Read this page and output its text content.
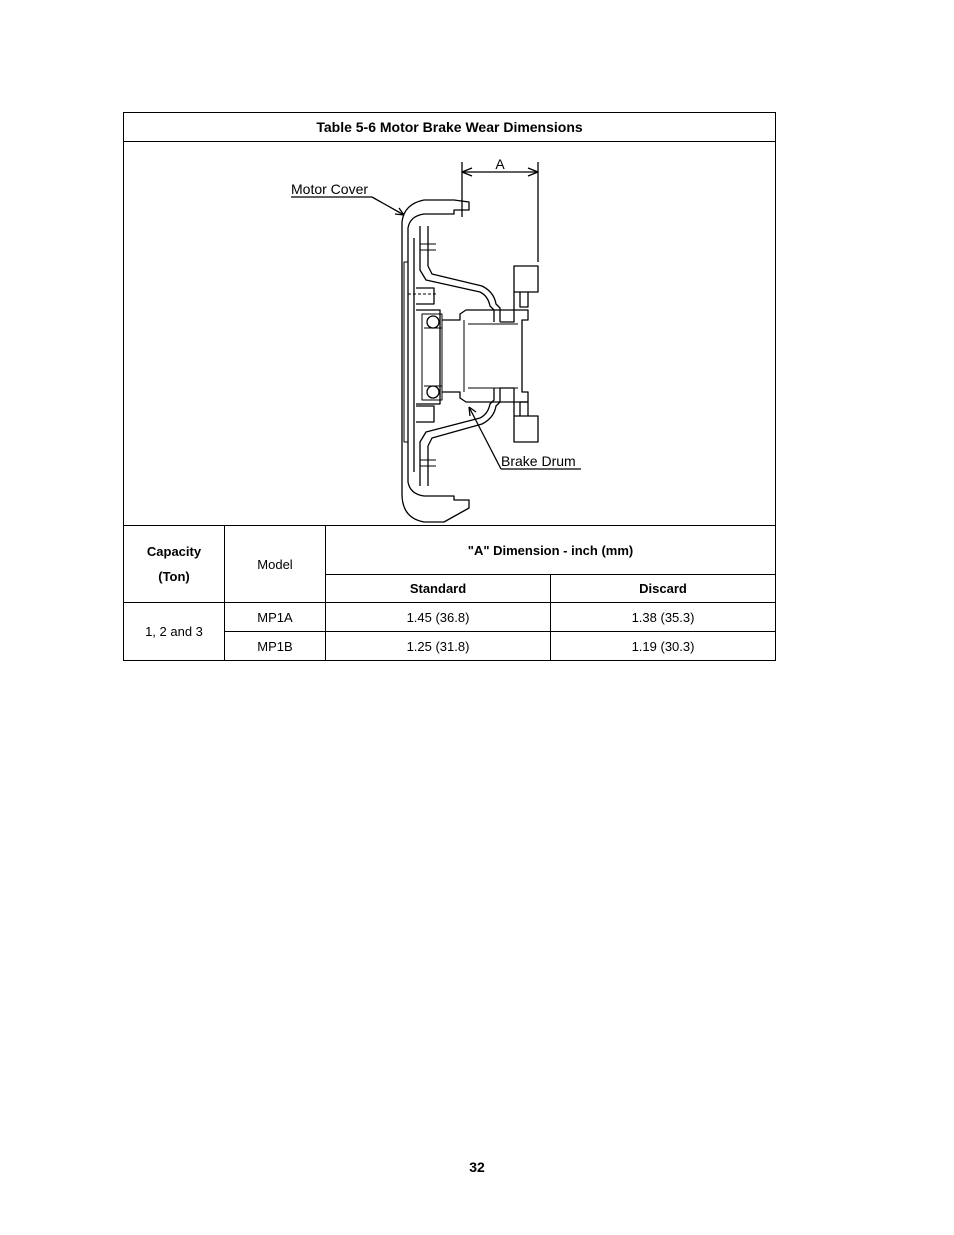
Table 5-6 Motor Brake Wear Dimensions			

A
Motor Cover
Brake Drum			

Capacity
(Ton)	Model	"A" Dimension - inch (mm)	
		Standard	Discard
1, 2 and 3	MP1A	1.45 (36.8)	1.38 (35.3)
	MP1B	1.25 (31.8)	1.19 (30.3)
32
